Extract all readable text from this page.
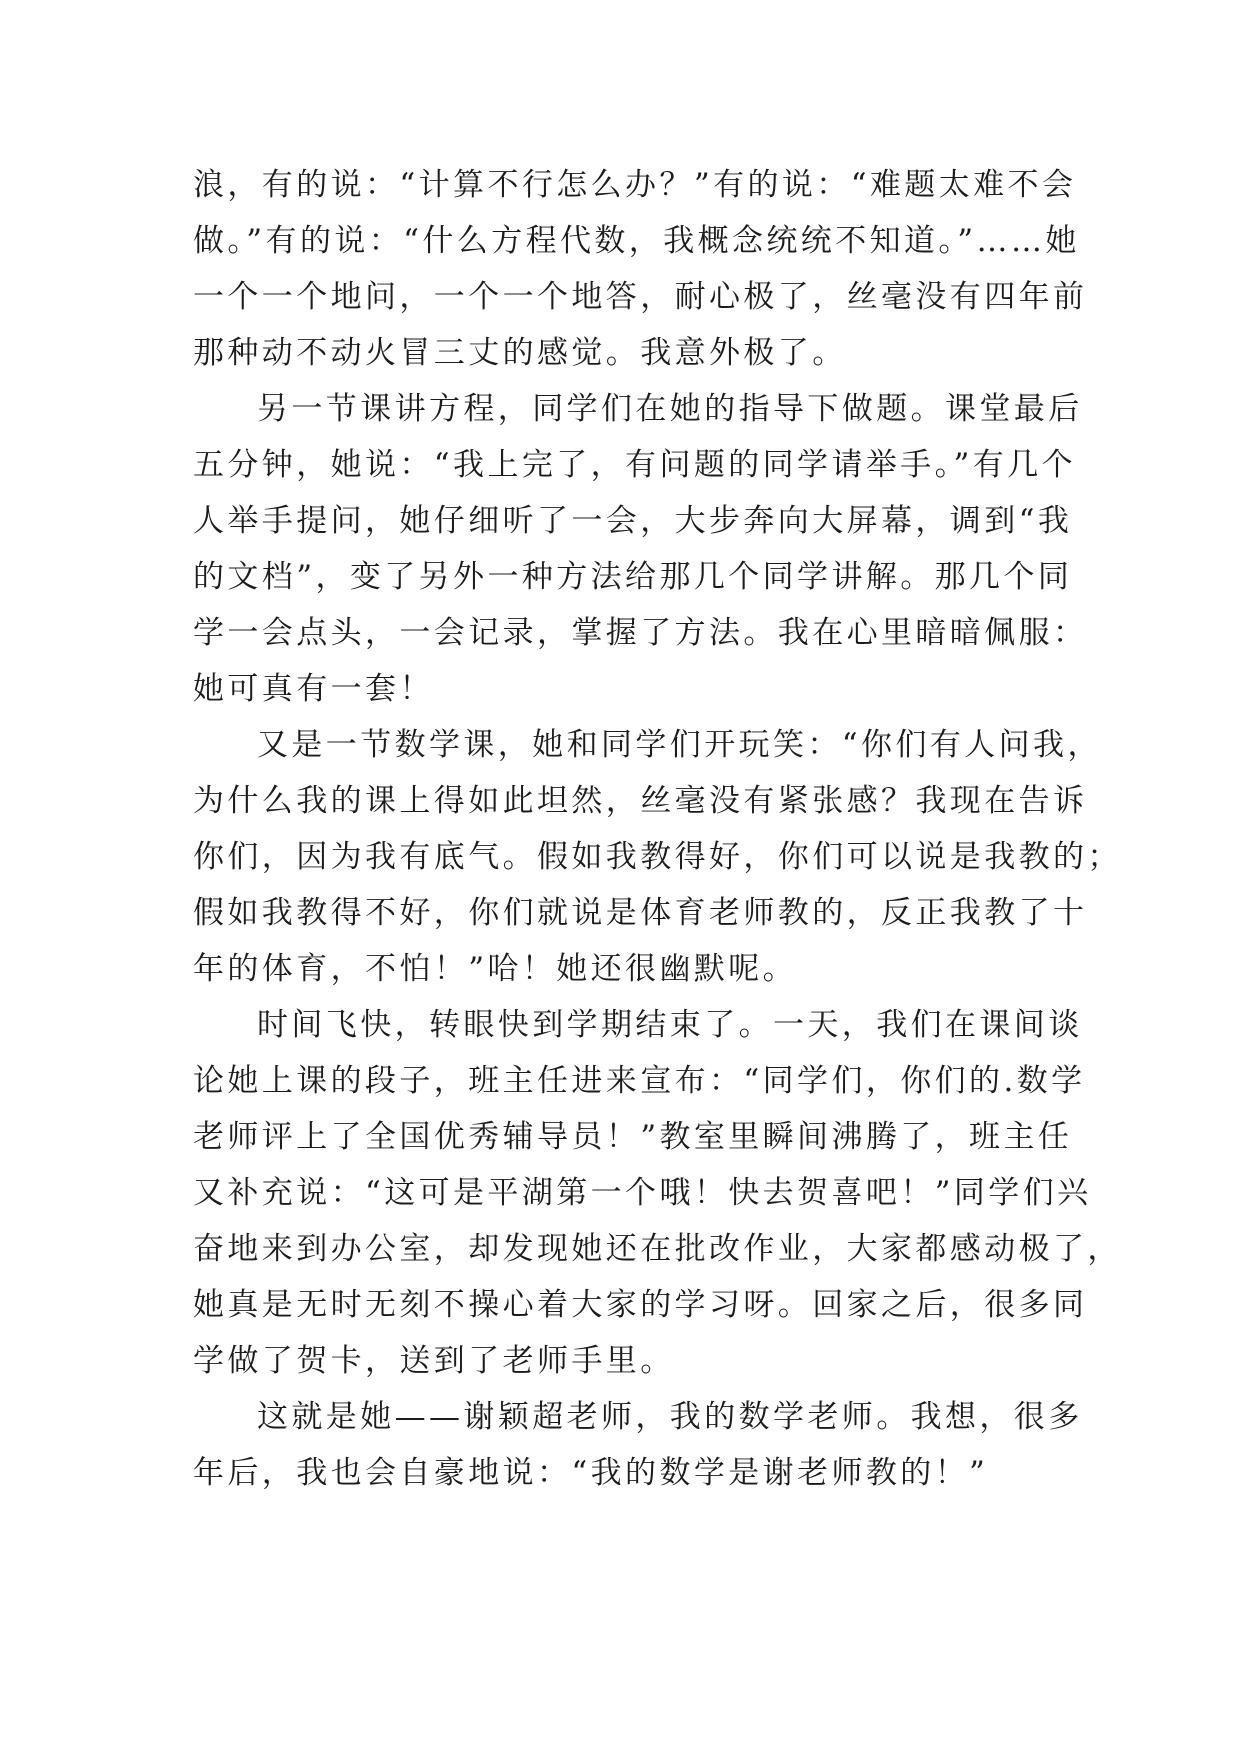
浪，有的说：“计算不行怎么办？”有的说：“难题太难不会
做。”有的说：“什么方程代数，我概念统统不知道。”……她
一个一个地问，一个一个地答，耐心极了，丝毫没有四年前
那种动不动火冒三丈的感觉。我意外极了。
另一节课讲方程，同学们在她的指导下做题。课堂最后
五分钟，她说：“我上完了，有问题的同学请举手。”有几个
人举手提问，她仔细听了一会，大步奔向大屏幕，调到“我
的文档”，变了另外一种方法给那几个同学讲解。那几个同
学一会点头，一会记录，掌握了方法。我在心里暗暗佩服：
她可真有一套！
又是一节数学课，她和同学们开玩笑：“你们有人问我，
为什么我的课上得如此坦然，丝毫没有紧张感？我现在告诉
你们，因为我有底气。假如我教得好，你们可以说是我教的；
假如我教得不好，你们就说是体育老师教的，反正我教了十
年的体育，不怕！”哈！她还很幽默呢。
时间飞快，转眼快到学期结束了。一天，我们在课间谈
论她上课的段子，班主任进来宣布：“同学们，你们的.数学
老师评上了全国优秀辅导员！”教室里瞬间沸腾了，班主任
又补充说：“这可是平湖第一个哦！快去贺喜吧！”同学们兴
奋地来到办公室，却发现她还在批改作业，大家都感动极了，
她真是无时无刻不操心着大家的学习呀。回家之后，很多同
学做了贺卡，送到了老师手里。
这就是她——谢颖超老师，我的数学老师。我想，很多
年后，我也会自豪地说：“我的数学是谢老师教的！”
